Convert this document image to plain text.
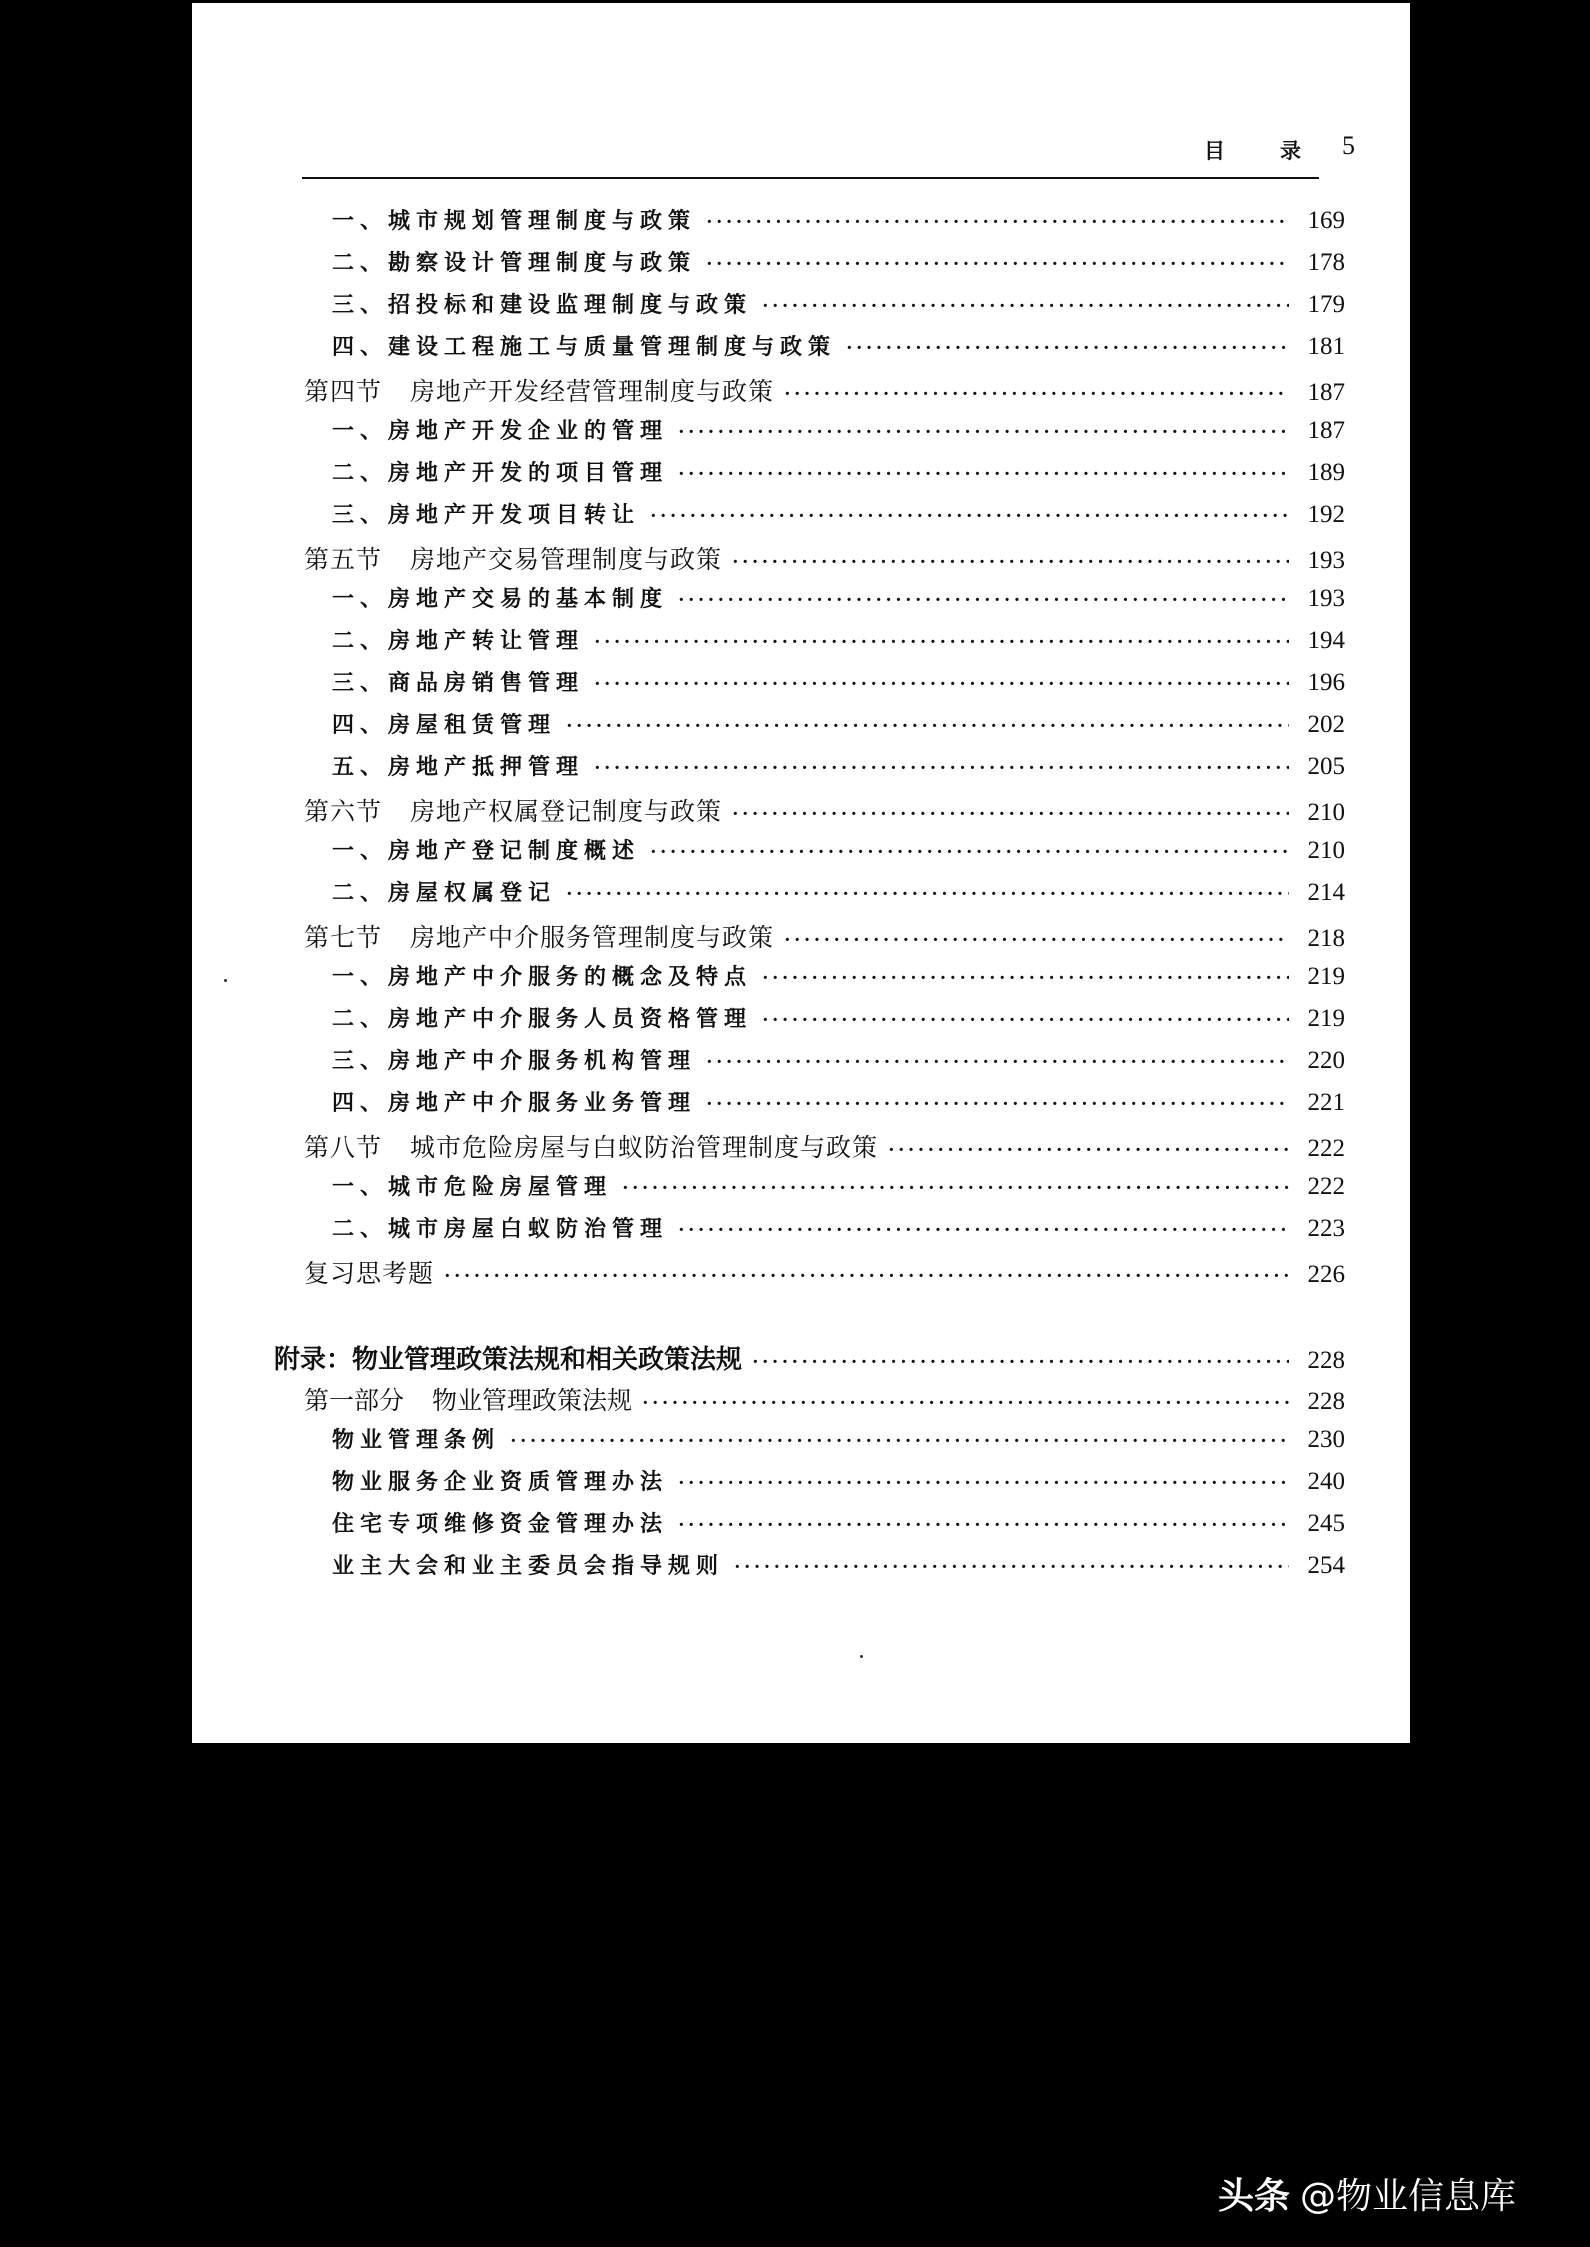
目	录 5
一、城市规划管理制度与政策 ·····	169
二、勘察设计管理制度与政策 ·····	178
三、招投标和建设监理制度与政策 ·····	179
四、建设工程施工与质量管理制度与政策 ·····	181
第四节 房地产开发经营管理制度与政策 ·····	187
一、房地产开发企业的管理 ·····	187
二、房地产开发的项目管理 ·····	189
三、房地产开发项目转让 ·····	192
第五节 房地产交易管理制度与政策 ·····	193
一、房地产交易的基本制度 ·····	193
二、房地产转让管理 ·····	194
三、商品房销售管理 ·····	196
四、房屋租赁管理 ·····	202
五、房地产抵押管理 ·····	205
第六节 房地产权属登记制度与政策 ·····	210
一、房地产登记制度概述 ·····	210
二、房屋权属登记 ·····	214
第七节 房地产中介服务管理制度与政策 ·····	218
一、房地产中介服务的概念及特点 ·····	219
二、房地产中介服务人员资格管理 ·····	219
三、房地产中介服务机构管理 ·····	220
四、房地产中介服务业务管理 ·····	221
第八节 城市危险房屋与白蚁防治管理制度与政策 ·····	222
一、城市危险房屋管理 ·····	222
二、城市房屋白蚁防治管理 ·····	223
复习思考题 ·····	226
附录：物业管理政策法规和相关政策法规 ·····	228
第一部分 物业管理政策法规 ·····	228
物业管理条例 ·····	230
物业服务企业资质管理办法 ·····	240
住宅专项维修资金管理办法 ·····	245
业主大会和业主委员会指导规则 ·····	254
头条 @物业信息库
